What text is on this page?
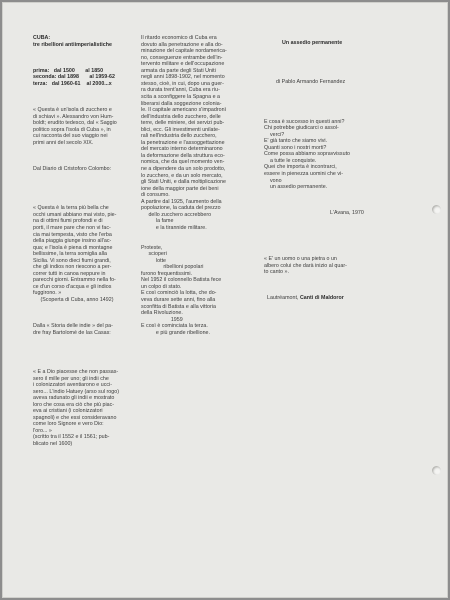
CUBA:
tre ribellioni antiimperialistiche

prima:   dal 1500       al 1850
seconda: dal 1898       al 1959-62
terza:   dal 1960-61    al 2000...x

« Questa è un'isola di zucchero e
di schiavi ». Alessandro von Hum-
boldt; erudito tedesco, dal « Saggio
politico sopra l'isola di Cuba », in
cui racconta del suo viaggio nei
primi anni del secolo XIX.

Dal Diario di Cristoforo Colombo:

« Questa è la terra più bella che
occhi umani abbiano mai visto, pie-
na di ottimi fiumi profondi e di
porti, il mare pare che non vi fac-
cia mai tempesta, visto che l'erba
della piaggia giunge insino all'ac-
qua; e l'isola è piena di montagne
bellissime, la terra somiglia alla
Sicilia. Vi sono dieci fiumi grandi,
che gli indios non riescono a per-
correr tutti in canoa neppure in
parecchi giorni. Entrammo nella fo-
ce d'un corso d'acqua e gli indios
fuggirono. »
(Scoperta di Cuba, anno 1492)

Dalla « Storia delle indie » del pa-
dre fray Bartolomé de las Casas:

« E a Dio piacesse che non passas-
sero il mille per uno; gli indii che
i colonizzatori aventiarono e ucci-
sero... L'indio Hatuey (arso sul rogo)
aveva radunato gli indii e mostrato
loro che cosa era ciò che più piac-
eva ai cristiani (i colonizzatori
spagnoli) e che essi consideravano
come loro Signore e vero Dio:
l'oro... »
(scritto tra il 1552 e il 1561; pub-
blicato nel 1600)

Il ritardo economico di Cuba era
dovuto alla penetrazione e alla do-
minazione del capitale nordamerica-
no, conseguenze entrambe dell'in-
tervento militare e dell'occupazione
armata da parte degli Stati Uniti
negli anni 1898-1902, nel momento
stesso, cioè, in cui, dopo una guer-
ra durata trent'anni, Cuba era riu-
scita a sconfiggere la Spagna e a
liberarsi dalla soggezione colonia-
le. Il capitale americano s'impadronì
dell'industria dello zucchero, delle
terre, delle miniere, dei servizi pub-
blici, ecc. Gli investimenti unilate-
rali nell'industria dello zucchero,
la penetrazione e l'assoggettazione
del mercato interno determinarono
la deformazione della struttura eco-
nomica, che da quel momento ven-
ne a dipendere da un solo prodotto,
lo zucchero, e da un solo mercato,
gli Stati Uniti, e dalla moltiplicazione
ione della maggior parte dei beni
di consumo.
A partire dal 1925, l'aumento della
popolazione, la caduta del prezzo
dello zucchero accrebbero
la fame
e la tirannide militare.

Proteste,
scioperi
lotte
ribellioni popolari
furono frequentissimi.
Nel 1952 il colonnello Batista fece
un colpo di stato.
E così cominciò la lotta, che do-
veva durare sette anni, fino alla
sconfitta di Batista e alla vittoria
della Rivoluzione.
1959
E così è cominciata la terza.
e più grande ribellione.

Un assedio permanente

di Pablo Armando Fernandez

E cosa è successo in questi anni?
Chi potrebbe giudicarci o assol-
verci?
E' già tanto che siamo vivi.
Quanti sono i nostri morti?
Come possa abbiamo sopravvissuto
a tutte le conquiste.
Quei che importa è incontrarci,
essere in pienezza uomini che vi-
vono
un assedio permanente.

L'Avana, 1970

« E' un uomo o una pietra o un
albero colui che darà inizio al quar-
to canto ».

Lautréamont, Canti di Maldoror
